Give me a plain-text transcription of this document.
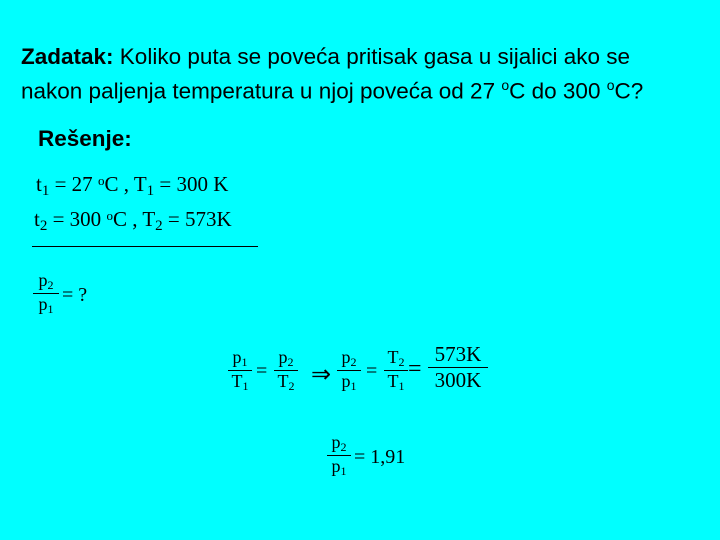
Zadatak: Koliko puta se poveća pritisak gasa u sijalici ako se
nakon paljenja temperatura u njoj poveća od 27 $^o$C do 300 $^o$C?
Rešenje:
$t_1 = 27$ $^o$C , $T_1 = 300$ K
$t_2 = 300$ $^o$C , $T_2 = 573K$
$p_2$
$p_1$
= ?
$p_1$
$T_1$
=
$p_2$
$T_2$ ⇒
$p_2$
$p_1$
=
$T_2$
$T_1$
=
573K
300K
$p_2$
$p_1$
= 1,91
